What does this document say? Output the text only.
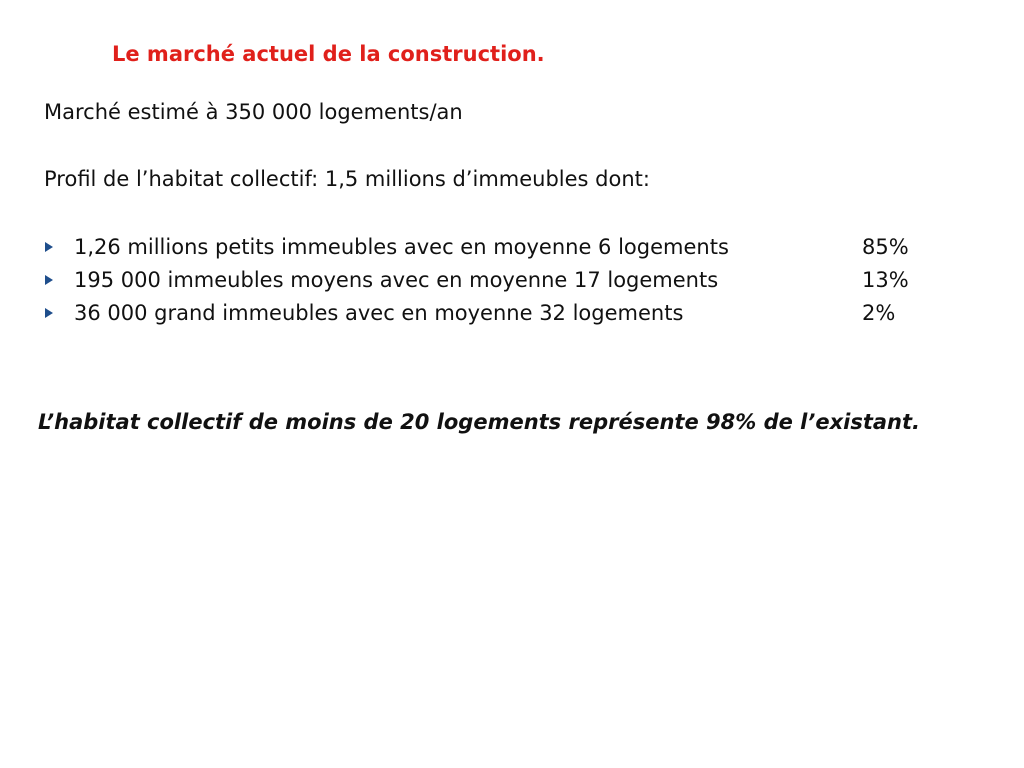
Le marché actuel de la construction.
Marché estimé à 350 000 logements/an
Profil de l’habitat collectif: 1,5 millions d’immeubles dont:
1,26 millions petits immeubles avec en moyenne 6 logements	85%
195 000 immeubles moyens avec en moyenne 17 logements	13%
36 000 grand immeubles avec en moyenne 32 logements	2%
L’habitat collectif de moins de 20 logements représente 98% de l’existant.
